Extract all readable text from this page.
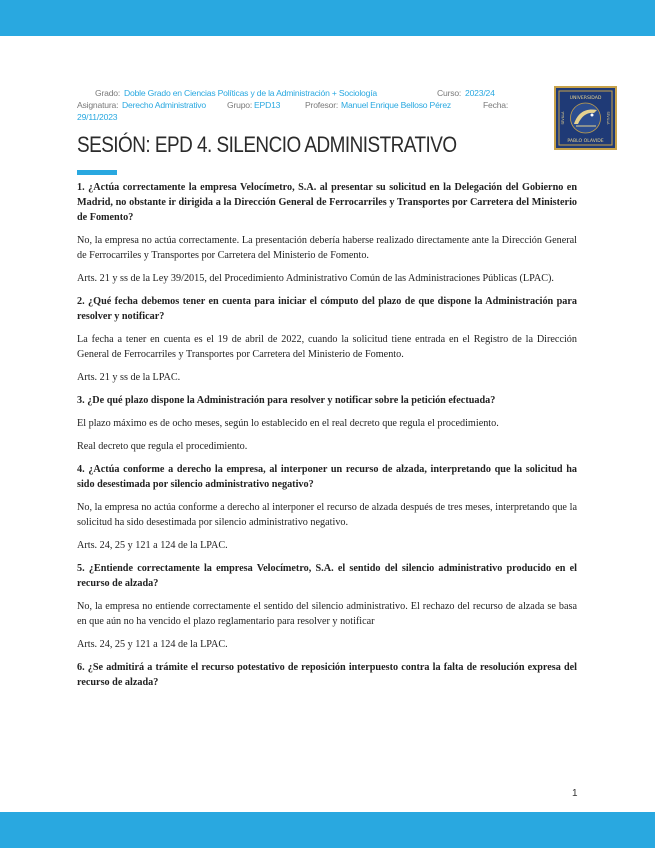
Grado: Doble Grado en Ciencias Políticas y de la Administración + Sociología	Curso: 2023/24
Asignatura: Derecho Administrativo Grupo: EPD13	Profesor: Manuel Enrique Belloso Pérez	Fecha:
29/11/2023
UNIVERSIDAD
PABLO OLAVIDE
SEVILLA	SEVILLA
SESIÓN: EPD 4. SILENCIO ADMINISTRATIVO

1. ¿Actúa correctamente la empresa Velocímetro, S.A. al presentar su solicitud en la Delegación del Gobierno en Madrid, no obstante ir dirigida a la Dirección General de Ferrocarriles y Transportes por Carretera del Ministerio de Fomento?

No, la empresa no actúa correctamente. La presentación debería haberse realizado directamente ante la Dirección General de Ferrocarriles y Transportes por Carretera del Ministerio de Fomento.

Arts. 21 y ss de la Ley 39/2015, del Procedimiento Administrativo Común de las Administraciones Públicas (LPAC).

2. ¿Qué fecha debemos tener en cuenta para iniciar el cómputo del plazo de que dispone la Administración para resolver y notificar?

La fecha a tener en cuenta es el 19 de abril de 2022, cuando la solicitud tiene entrada en el Registro de la Dirección General de Ferrocarriles y Transportes por Carretera del Ministerio de Fomento.

Arts. 21 y ss de la LPAC.

3. ¿De qué plazo dispone la Administración para resolver y notificar sobre la petición efectuada?

El plazo máximo es de ocho meses, según lo establecido en el real decreto que regula el procedimiento.

Real decreto que regula el procedimiento.

4. ¿Actúa conforme a derecho la empresa, al interponer un recurso de alzada, interpretando que la solicitud ha sido desestimada por silencio administrativo negativo?

No, la empresa no actúa conforme a derecho al interponer el recurso de alzada después de tres meses, interpretando que la solicitud ha sido desestimada por silencio administrativo negativo.

Arts. 24, 25 y 121 a 124 de la LPAC.

5. ¿Entiende correctamente la empresa Velocímetro, S.A. el sentido del silencio administrativo producido en el recurso de alzada?

No, la empresa no entiende correctamente el sentido del silencio administrativo. El rechazo del recurso de alzada se basa en que aún no ha vencido el plazo reglamentario para resolver y notificar

Arts. 24, 25 y 121 a 124 de la LPAC.

6. ¿Se admitirá a trámite el recurso potestativo de reposición interpuesto contra la falta de resolución expresa del recurso de alzada?

1
